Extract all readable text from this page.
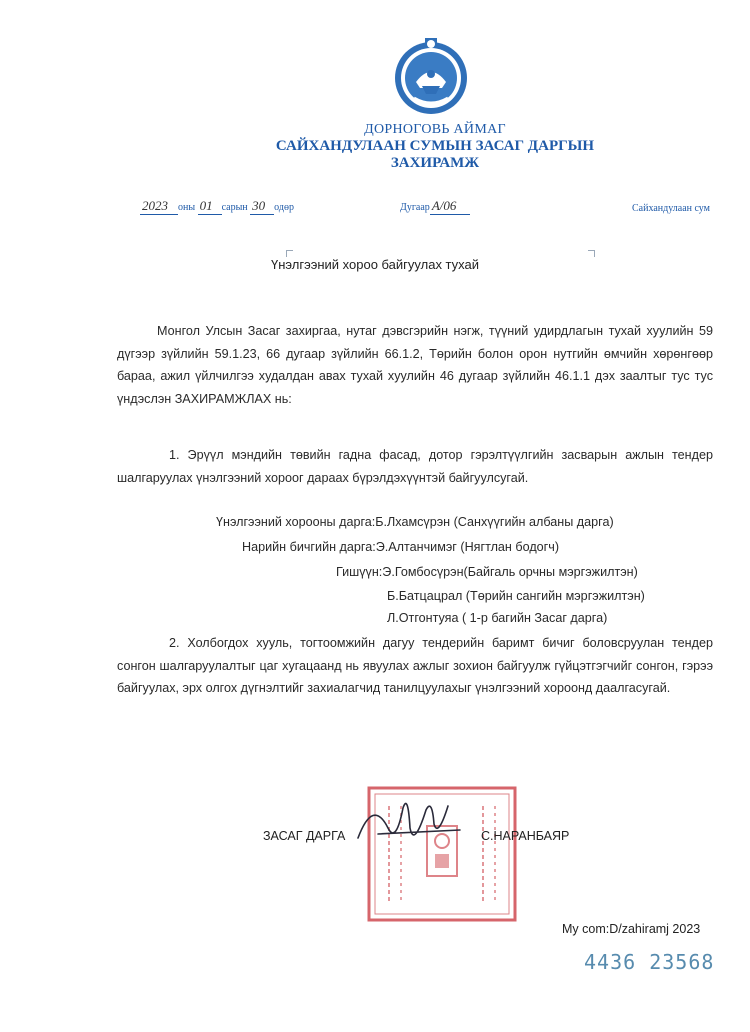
ДОРНОГОВЬ АЙМАГ
САЙХАНДУЛААН СУМЫН ЗАСАГ ДАРГЫН
ЗАХИРАМЖ
2023 оны 01 сарын 30 одөр	Дугаар А/06	Сайхандулаан сум
Үнэлгээний хороо байгуулах тухай
Монгол Улсын Засаг захиргаа, нутаг дэвсгэрийн нэгж, түүний удирдлагын тухай хуулийн 59 дүгээр зүйлийн 59.1.23, 66 дугаар зүйлийн 66.1.2, Төрийн болон орон нутгийн өмчийн хөрөнгөөр бараа, ажил үйлчилгээ худалдан авах тухай хуулийн 46 дугаар зүйлийн 46.1.1 дэх заалтыг тус тус үндэслэн ЗАХИРАМЖЛАХ нь:
1. Эрүүл мэндийн төвийн гадна фасад, дотор гэрэлтүүлгийн засварын ажлын тендер шалгаруулах үнэлгээний хороог дараах бүрэлдэхүүнтэй байгуулсугай.
Үнэлгээний хорооны дарга:Б.Лхамсүрэн (Санхүүгийн албаны дарга)
Нарийн бичгийн дарга:Э.Алтанчимэг (Нягтлан бодогч)
Гишүүн:Э.Гомбосүрэн(Байгаль орчны мэргэжилтэн)
Б.Батцацрал (Төрийн сангийн мэргэжилтэн)
Л.Отгонтуяа ( 1-р багийн Засаг дарга)
2. Холбогдох хууль, тогтоомжийн дагуу тендерийн баримт бичиг боловсруулан тендер сонгон шалгаруулалтыг цаг хугацаанд нь явуулах ажлыг зохион байгуулж гүйцэтгэгчийг сонгон, гэрээ байгуулах, эрх олгох дүгнэлтийг захиалагчид танилцуулахыг үнэлгээний хороонд даалгасугай.
ЗАСАГ ДАРГА	С.НАРАНБАЯР
My com:D/zahiramj 2023
4436 23568
